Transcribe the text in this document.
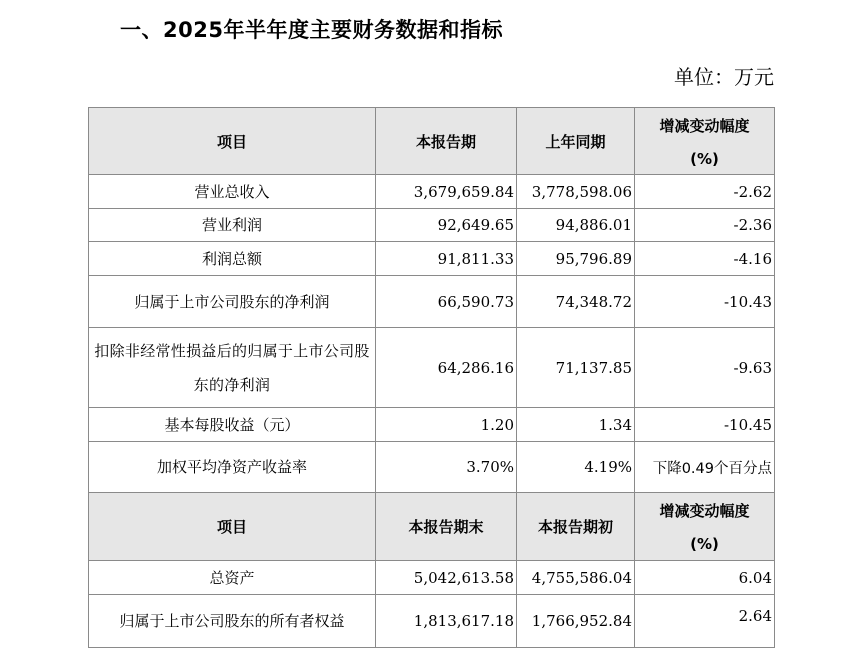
一、2025年半年度主要财务数据和指标
单位：万元
项目	本报告期	上年同期	增减变动幅度
(%)

营业总收入	3,679,659.84	3,778,598.06	-2.62
营业利润	92,649.65	94,886.01	-2.36
利润总额	91,811.33	95,796.89	-4.16
归属于上市公司股东的净利润	66,590.73	74,348.72	-10.43
扣除非经常性损益后的归属于上市公司股东的净利润	64,286.16	71,137.85	-9.63
基本每股收益（元）	1.20	1.34	-10.45
加权平均净资产收益率	3.70%	4.19%	下降0.49个百分点
项目	本报告期末	本报告期初	增减变动幅度
(%)

总资产	5,042,613.58	4,755,586.04	6.04
归属于上市公司股东的所有者权益	1,813,617.18	1,766,952.84	2.64
